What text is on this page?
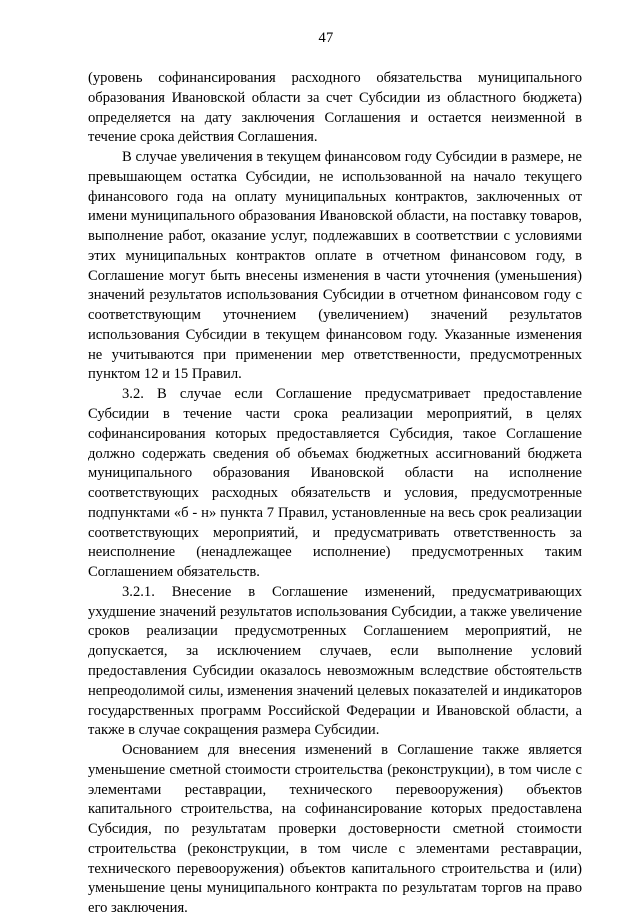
47

(уровень софинансирования расходного обязательства муниципального образования Ивановской области за счет Субсидии из областного бюджета) определяется на дату заключения Соглашения и остается неизменной в течение срока действия Соглашения.

В случае увеличения в текущем финансовом году Субсидии в размере, не превышающем остатка Субсидии, не использованной на начало текущего финансового года на оплату муниципальных контрактов, заключенных от имени муниципального образования Ивановской области, на поставку товаров, выполнение работ, оказание услуг, подлежавших в соответствии с условиями этих муниципальных контрактов оплате в отчетном финансовом году, в Соглашение могут быть внесены изменения в части уточнения (уменьшения) значений результатов использования Субсидии в отчетном финансовом году с соответствующим уточнением (увеличением) значений результатов использования Субсидии в текущем финансовом году. Указанные изменения не учитываются при применении мер ответственности, предусмотренных пунктом 12 и 15 Правил.

3.2. В случае если Соглашение предусматривает предоставление Субсидии в течение части срока реализации мероприятий, в целях софинансирования которых предоставляется Субсидия, такое Соглашение должно содержать сведения об объемах бюджетных ассигнований бюджета муниципального образования Ивановской области на исполнение соответствующих расходных обязательств и условия, предусмотренные подпунктами «б - н» пункта 7 Правил, установленные на весь срок реализации соответствующих мероприятий, и предусматривать ответственность за неисполнение (ненадлежащее исполнение) предусмотренных таким Соглашением обязательств.

3.2.1. Внесение в Соглашение изменений, предусматривающих ухудшение значений результатов использования Субсидии, а также увеличение сроков реализации предусмотренных Соглашением мероприятий, не допускается, за исключением случаев, если выполнение условий предоставления Субсидии оказалось невозможным вследствие обстоятельств непреодолимой силы, изменения значений целевых показателей и индикаторов государственных программ Российской Федерации и Ивановской области, а также в случае сокращения размера Субсидии.

Основанием для внесения изменений в Соглашение также является уменьшение сметной стоимости строительства (реконструкции), в том числе с элементами реставрации, технического перевооружения) объектов капитального строительства, на софинансирование которых предоставлена Субсидия, по результатам проверки достоверности сметной стоимости строительства (реконструкции, в том числе с элементами реставрации, технического перевооружения) объектов капитального строительства и (или) уменьшение цены муниципального контракта по результатам торгов на право его заключения.
